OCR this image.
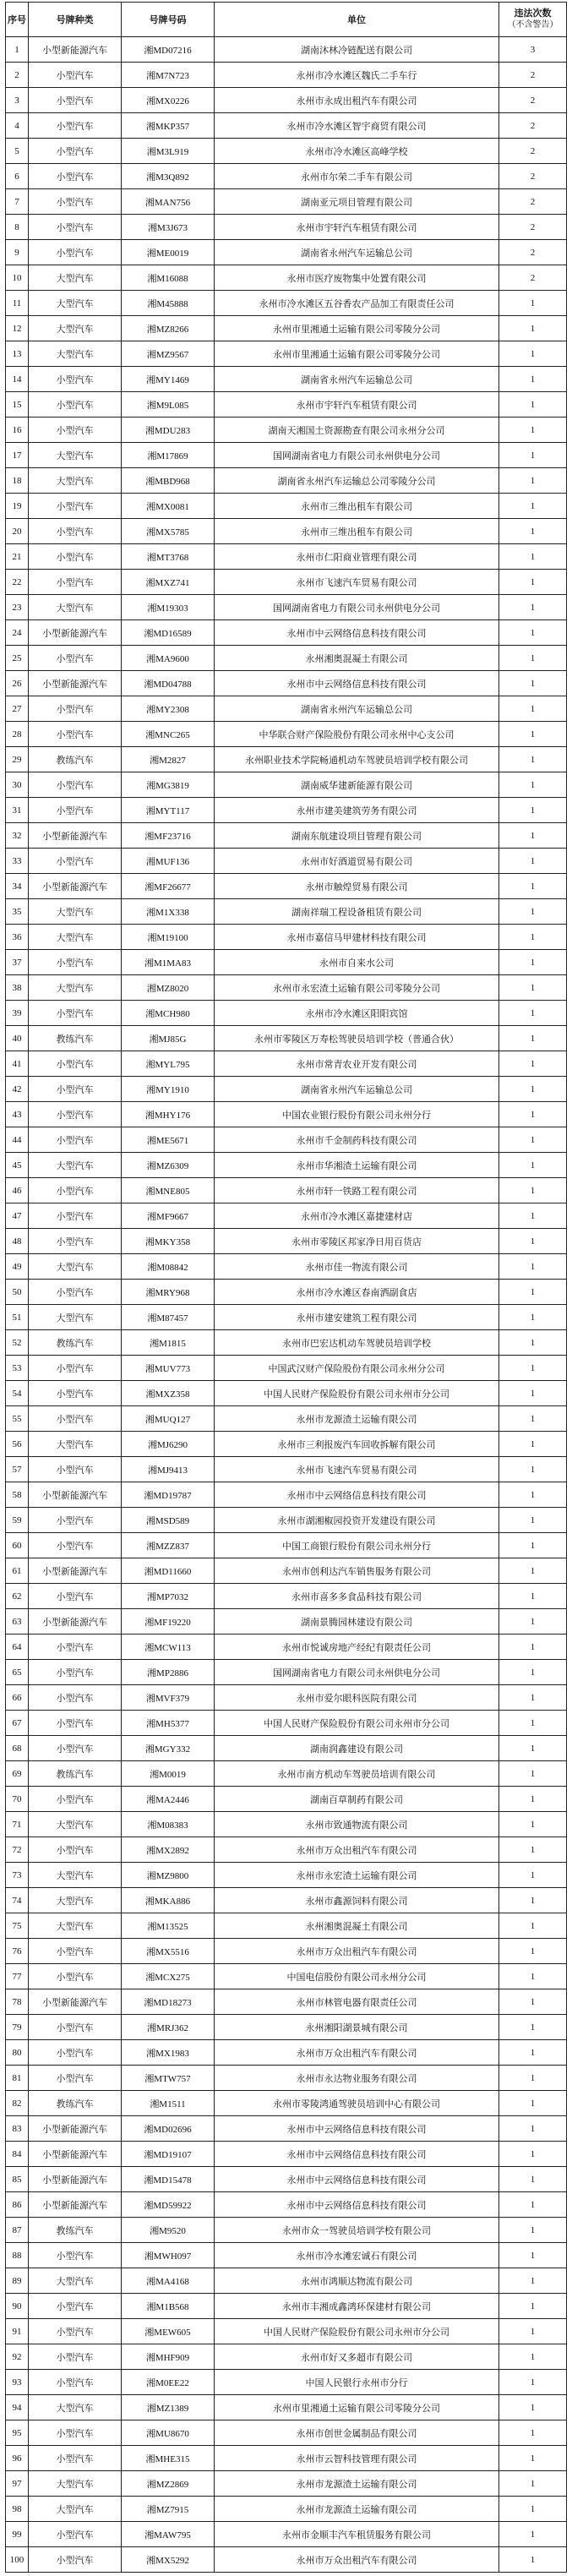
序号	号牌种类	号牌号码	单位	违法次数
（不含警告）

1	小型新能源汽车	湘MD07216	湖南沐林冷链配送有限公司	3
2	小型汽车	湘M7N723	永州市冷水滩区魏氏二手车行	2
3	小型汽车	湘MX0226	永州市永成出租汽车有限公司	2
4	小型汽车	湘MKP357	永州市冷水滩区智宇商贸有限公司	2
5	小型汽车	湘M3L919	永州市冷水滩区高峰学校	2
6	小型汽车	湘M3Q892	永州市尔荣二手车有限公司	2
7	小型汽车	湘MAN756	湖南亚元项目管理有限公司	2
8	小型汽车	湘M3J673	永州市宇轩汽车租赁有限公司	2
9	小型汽车	湘ME0019	湖南省永州汽车运输总公司	2
10	大型汽车	湘M16088	永州市医疗废物集中处置有限公司	2
11	大型汽车	湘M45888	永州市冷水滩区五谷香农产品加工有限责任公司	1
12	大型汽车	湘MZ8266	永州市里湘通土运输有限公司零陵分公司	1
13	大型汽车	湘MZ9567	永州市里湘通土运输有限公司零陵分公司	1
14	小型汽车	湘MY1469	湖南省永州汽车运输总公司	1
15	小型汽车	湘M9L085	永州市宇轩汽车租赁有限公司	1
16	小型汽车	湘MDU283	湖南天湘国土资源勘查有限公司永州分公司	1
17	大型汽车	湘M17869	国网湖南省电力有限公司永州供电分公司	1
18	大型汽车	湘MBD968	湖南省永州汽车运输总公司零陵分公司	1
19	小型汽车	湘MX0081	永州市三维出租车有限公司	1
20	小型汽车	湘MX5785	永州市三维出租车有限公司	1
21	小型汽车	湘MT3768	永州市仁阳商业管理有限公司	1
22	小型汽车	湘MXZ741	永州市飞速汽车贸易有限公司	1
23	大型汽车	湘M19303	国网湖南省电力有限公司永州供电分公司	1
24	小型新能源汽车	湘MD16589	永州市中云网络信息科技有限公司	1
25	小型汽车	湘MA9600	永州湘奥混凝土有限公司	1
26	小型新能源汽车	湘MD04788	永州市中云网络信息科技有限公司	1
27	小型汽车	湘MY2308	湖南省永州汽车运输总公司	1
28	小型汽车	湘MNC265	中华联合财产保险股份有限公司永州中心支公司	1
29	教练汽车	湘M2827	永州职业技术学院畅通机动车驾驶员培训学校有限公司	1
30	小型汽车	湘MG3819	湖南威华建新能源有限公司	1
31	小型汽车	湘MYT117	永州市建美建筑劳务有限公司	1
32	小型新能源汽车	湘MF23716	湖南东航建设项目管理有限公司	1
33	小型汽车	湘MUF136	永州市好酒道贸易有限公司	1
34	小型新能源汽车	湘MF26677	永州市触煌贸易有限公司	1
35	大型汽车	湘M1X338	湖南祥瑞工程设备租赁有限公司	1
36	大型汽车	湘M19100	永州市嘉信马甲建材科技有限公司	1
37	小型汽车	湘M1MA83	永州市自来水公司	1
38	大型汽车	湘MZ8020	永州市永宏渣土运输有限公司零陵分公司	1
39	小型汽车	湘MCH980	永州市冷水滩区阳阳宾馆	1
40	教练汽车	湘MJ85G	永州市零陵区万寿松驾驶员培训学校（普通合伙）	1
41	小型汽车	湘MYL795	永州市常青农业开发有限公司	1
42	小型汽车	湘MY1910	湖南省永州汽车运输总公司	1
43	小型汽车	湘MHY176	中国农业银行股份有限公司永州分行	1
44	小型汽车	湘ME5671	永州市千金制药科技有限公司	1
45	大型汽车	湘MZ6309	永州市华湘渣土运输有限公司	1
46	小型汽车	湘MNE805	永州市轩一铁路工程有限公司	1
47	小型汽车	湘MF9667	永州市冷水滩区嘉捷建材店	1
48	小型汽车	湘MKY358	永州市零陵区邦家净日用百货店	1
49	大型汽车	湘M08842	永州市佳一物流有限公司	1
50	小型汽车	湘MRY968	永州市冷水滩区春南洒副食店	1
51	大型汽车	湘M87457	永州市建安建筑工程有限公司	1
52	教练汽车	湘M1815	永州市巴宏达机动车驾驶员培训学校	1
53	小型汽车	湘MUV773	中国武汉财产保险股份有限公司永州分公司	1
54	小型汽车	湘MXZ358	中国人民财产保险股份有限公司永州市分公司	1
55	小型汽车	湘MUQ127	永州市龙源渣土运输有限公司	1
56	大型汽车	湘MJ6290	永州市三利报废汽车回收拆解有限公司	1
57	小型汽车	湘MJ9413	永州市飞速汽车贸易有限公司	1
58	小型新能源汽车	湘MD19787	永州市中云网络信息科技有限公司	1
59	小型汽车	湘MSD589	永州市湖湘椒园投资开发建设有限公司	1
60	小型汽车	湘MZZ837	中国工商银行股份有限公司永州分行	1
61	小型新能源汽车	湘MD11660	永州市创利达汽车销售服务有限公司	1
62	小型汽车	湘MP7032	永州市喜多多食品科技有限公司	1
63	小型新能源汽车	湘MF19220	湖南景腾园林建设有限公司	1
64	小型汽车	湘MCW113	永州市悦诚房地产经纪有限责任公司	1
65	小型汽车	湘MP2886	国网湖南省电力有限公司永州供电分公司	1
66	小型汽车	湘MVF379	永州市爱尔眼科医院有限公司	1
67	小型汽车	湘MH5377	中国人民财产保险股份有限公司永州市分公司	1
68	小型汽车	湘MGY332	湖南润鑫建设有限公司	1
69	教练汽车	湘M0019	永州市南方机动车驾驶员培训有限公司	1
70	小型汽车	湘MA2446	湖南百草制药有限公司	1
71	大型汽车	湘M08383	永州市致通物流有限公司	1
72	小型汽车	湘MX2892	永州市万众出租汽车有限公司	1
73	大型汽车	湘MZ9800	永州市永宏渣土运输有限公司	1
74	大型汽车	湘MKA886	永州市鑫源饲料有限公司	1
75	大型汽车	湘M13525	永州湘奥混凝土有限公司	1
76	小型汽车	湘MX5516	永州市万众出租汽车有限公司	1
77	小型汽车	湘MCX275	中国电信股份有限公司永州分公司	1
78	小型新能源汽车	湘MD18273	永州市林管电器有限责任公司	1
79	小型汽车	湘MRJ362	永州湘阳湖景城有限公司	1
80	小型汽车	湘MX1983	永州市万众出租汽车有限公司	1
81	小型汽车	湘MTW757	永州市永达物业服务有限公司	1
82	教练汽车	湘M1511	永州市零陵鸿通驾驶员培训中心有限公司	1
83	小型新能源汽车	湘MD02696	永州市中云网络信息科技有限公司	1
84	小型新能源汽车	湘MD19107	永州市中云网络信息科技有限公司	1
85	小型新能源汽车	湘MD15478	永州市中云网络信息科技有限公司	1
86	小型新能源汽车	湘MD59922	永州市中云网络信息科技有限公司	1
87	教练汽车	湘M9520	永州市众一驾驶员培训学校有限公司	1
88	小型汽车	湘MWH097	永州市冷水滩宏诚石有限公司	1
89	大型汽车	湘MA4168	永州市鸿顺达物流有限公司	1
90	小型汽车	湘M1B568	永州市丰湘成鑫鸿环保建材有限公司	1
91	小型汽车	湘MEW605	中国人民财产保险股份有限公司永州市分公司	1
92	小型汽车	湘MHF909	永州市好又多超市有限公司	1
93	小型汽车	湘M0EE22	中国人民银行永州市分行	1
94	大型汽车	湘MZ1389	永州市里湘通土运输有限公司零陵分公司	1
95	小型汽车	湘MU8670	永州市创世金属制品有限公司	1
96	小型汽车	湘MHE315	永州市云智科技管理有限公司	1
97	大型汽车	湘MZ2869	永州市龙源渣土运输有限公司	1
98	大型汽车	湘MZ7915	永州市龙源渣土运输有限公司	1
99	小型汽车	湘MAW795	永州市金顺丰汽车租赁服务有限公司	1
100	小型汽车	湘MX5292	永州市万众出租汽车有限公司	1
